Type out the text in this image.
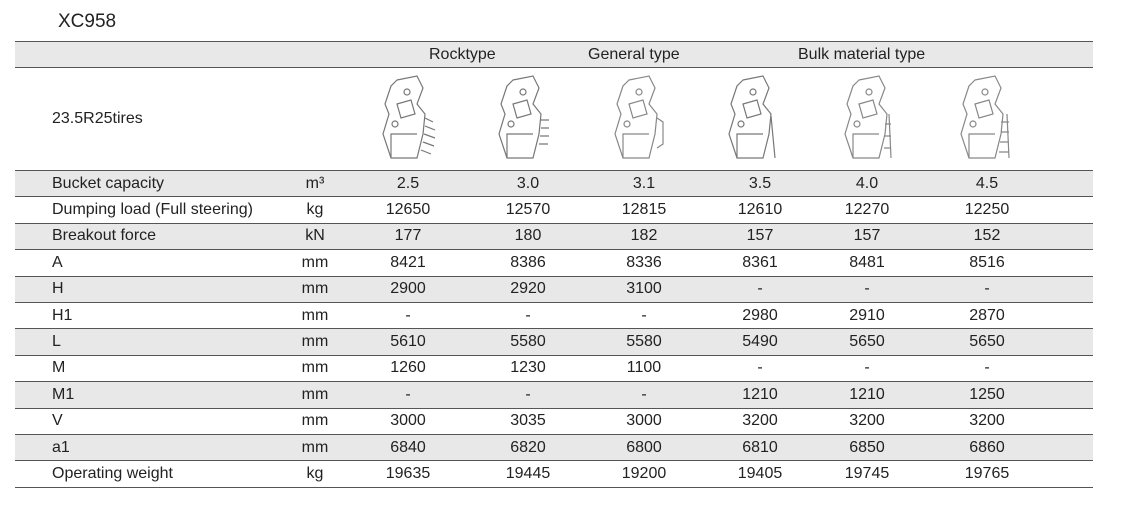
XC958
Rocktype	General type	Bulk material type
23.5R25tires
Bucket capacity	m³	2.5	3.0	3.1	3.5	4.0	4.5
Dumping load (Full steering)	kg	12650	12570	12815	12610	12270	12250
Breakout force	kN	177	180	182	157	157	152
A	mm	8421	8386	8336	8361	8481	8516
H	mm	2900	2920	3100	-	-	-
H1	mm	-	-	-	2980	2910	2870
L	mm	5610	5580	5580	5490	5650	5650
M	mm	1260	1230	1100	-	-	-
M1	mm	-	-	-	1210	1210	1250
V	mm	3000	3035	3000	3200	3200	3200
a1	mm	6840	6820	6800	6810	6850	6860
Operating weight	kg	19635	19445	19200	19405	19745	19765
